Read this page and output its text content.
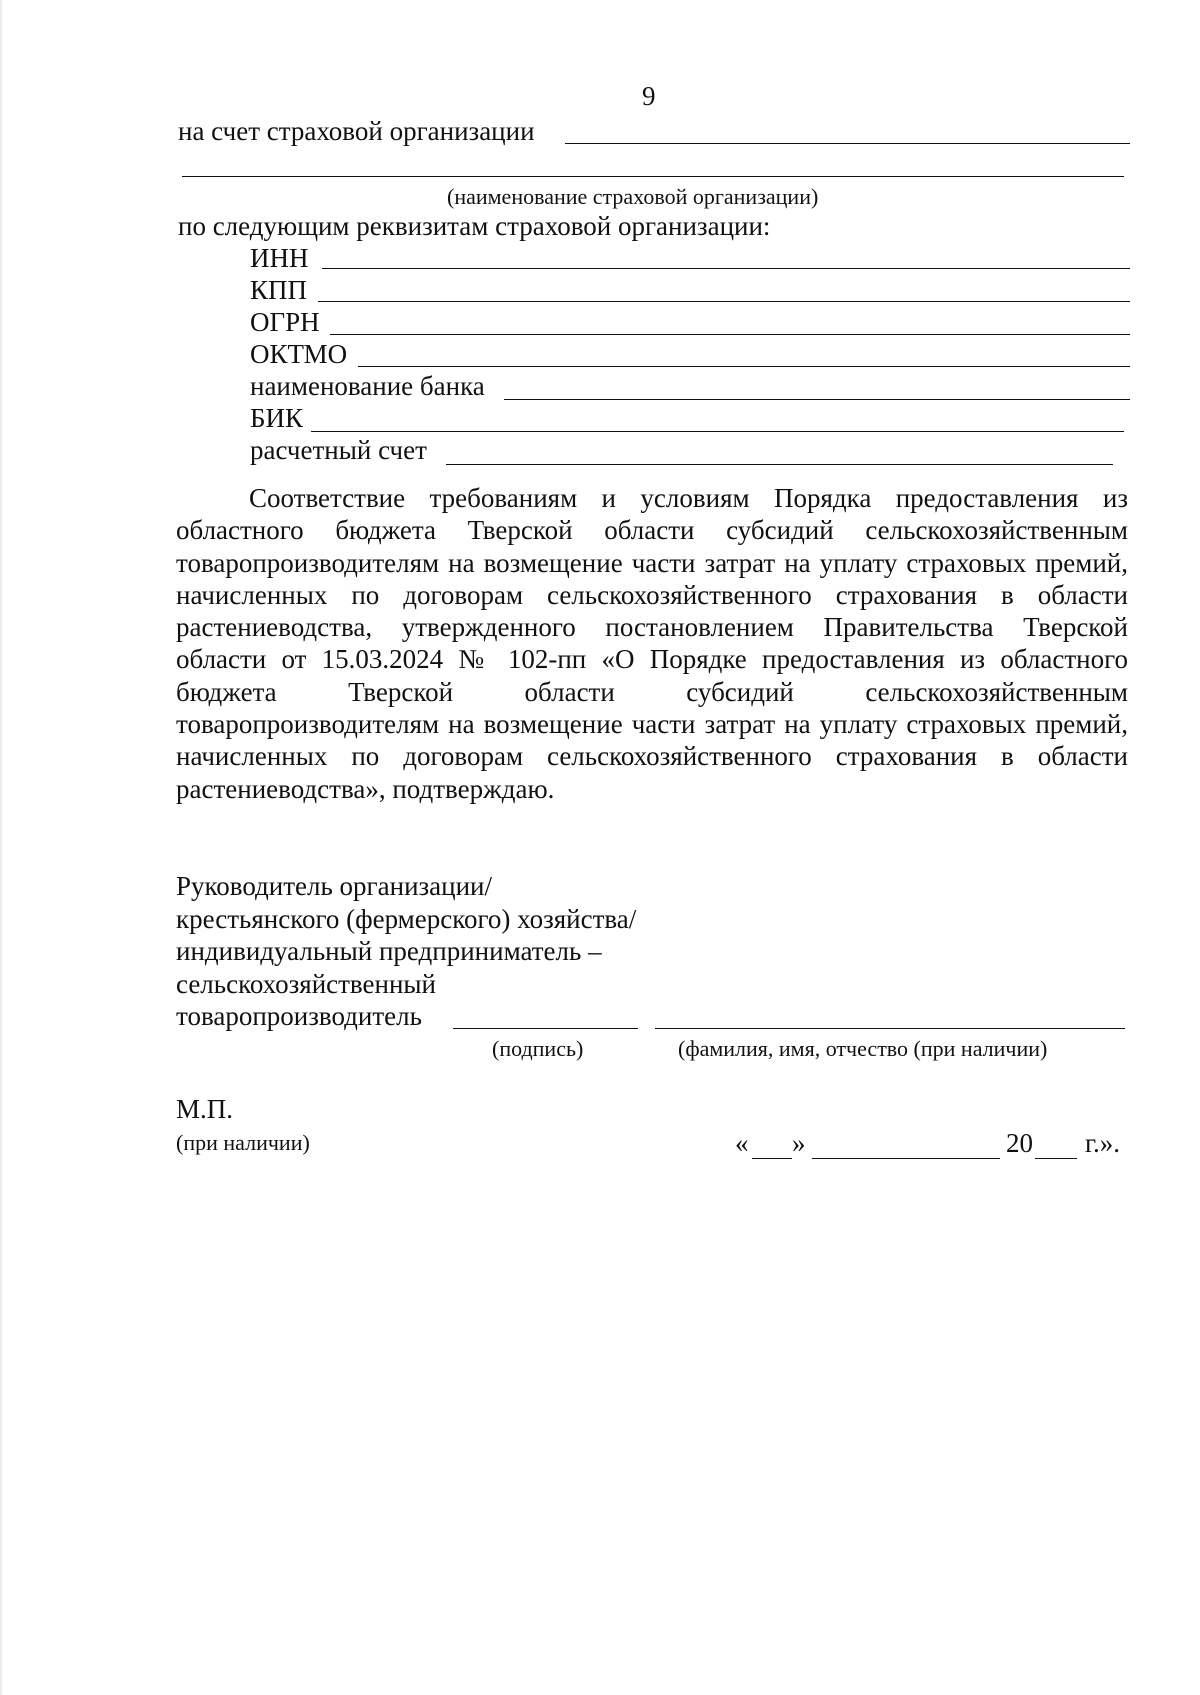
9
на счет страховой организации
(наименование страховой организации)
по следующим реквизитам страховой организации:
ИНН
КПП
ОГРН
ОКТМО
наименование банка
БИК
расчетный счет
Соответствие требованиям и условиям Порядка предоставления из областного бюджета Тверской области субсидий сельскохозяйственным товаропроизводителям на возмещение части затрат на уплату страховых премий, начисленных по договорам сельскохозяйственного страхования в области растениеводства, утвержденного постановлением Правительства Тверской области от 15.03.2024 № 102-пп «О Порядке предоставления из областного бюджета Тверской области субсидий сельскохозяйственным товаропроизводителям на возмещение части затрат на уплату страховых премий, начисленных по договорам сельскохозяйственного страхования в области растениеводства», подтверждаю.
Руководитель организации/
крестьянского (фермерского) хозяйства/
индивидуальный предприниматель –
сельскохозяйственный
товаропроизводитель
(подпись)	(фамилия, имя, отчество (при наличии)
М.П.
(при наличии)	« »	20 г.».
